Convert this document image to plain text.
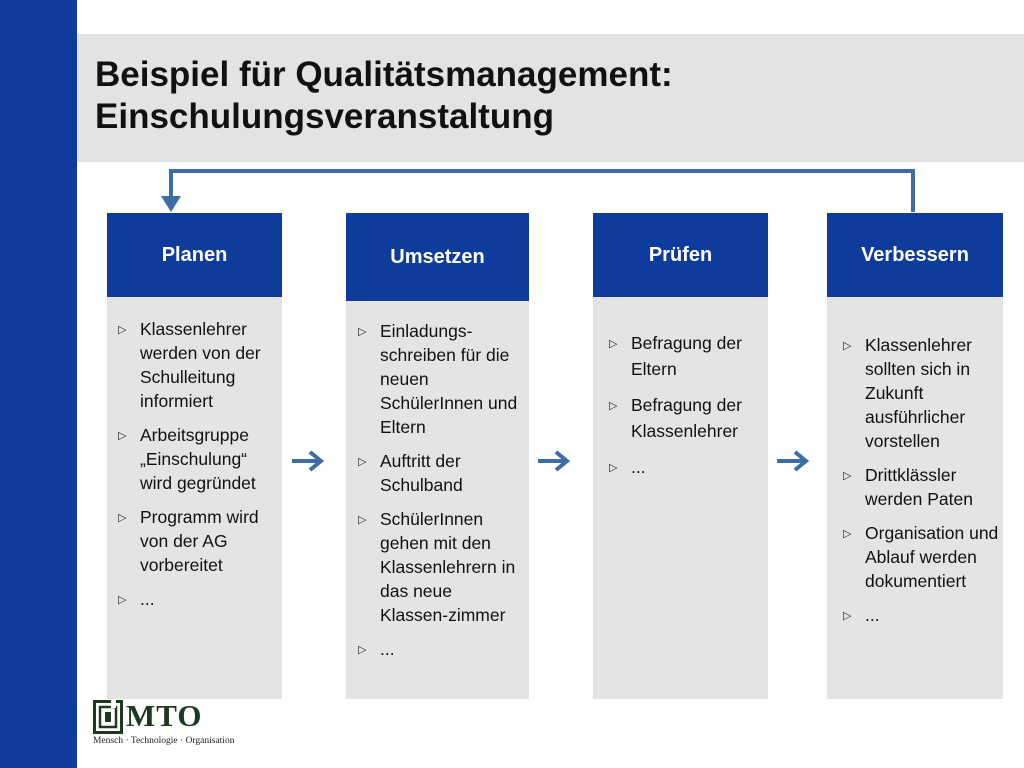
Beispiel für Qualitätsmanagement:
Einschulungsveranstaltung
Planen
▷ Klassenlehrer werden von der Schulleitung informiert
▷ Arbeitsgruppe „Einschulung“ wird gegründet
▷ Programm wird von der AG vorbereitet
▷ ...
Umsetzen
▷ Einladungs-schreiben für die neuen SchülerInnen und Eltern
▷ Auftritt der Schulband
▷ SchülerInnen gehen mit den Klassenlehrern in das neue Klassen-zimmer
▷ ...
Prüfen
▷ Befragung der Eltern
▷ Befragung der Klassenlehrer
▷ ...
Verbessern
▷ Klassenlehrer sollten sich in Zukunft ausführlicher vorstellen
▷ Drittklässler werden Paten
▷ Organisation und Ablauf werden dokumentiert
▷ ...
MTO
Mensch · Technologie · Organisation
